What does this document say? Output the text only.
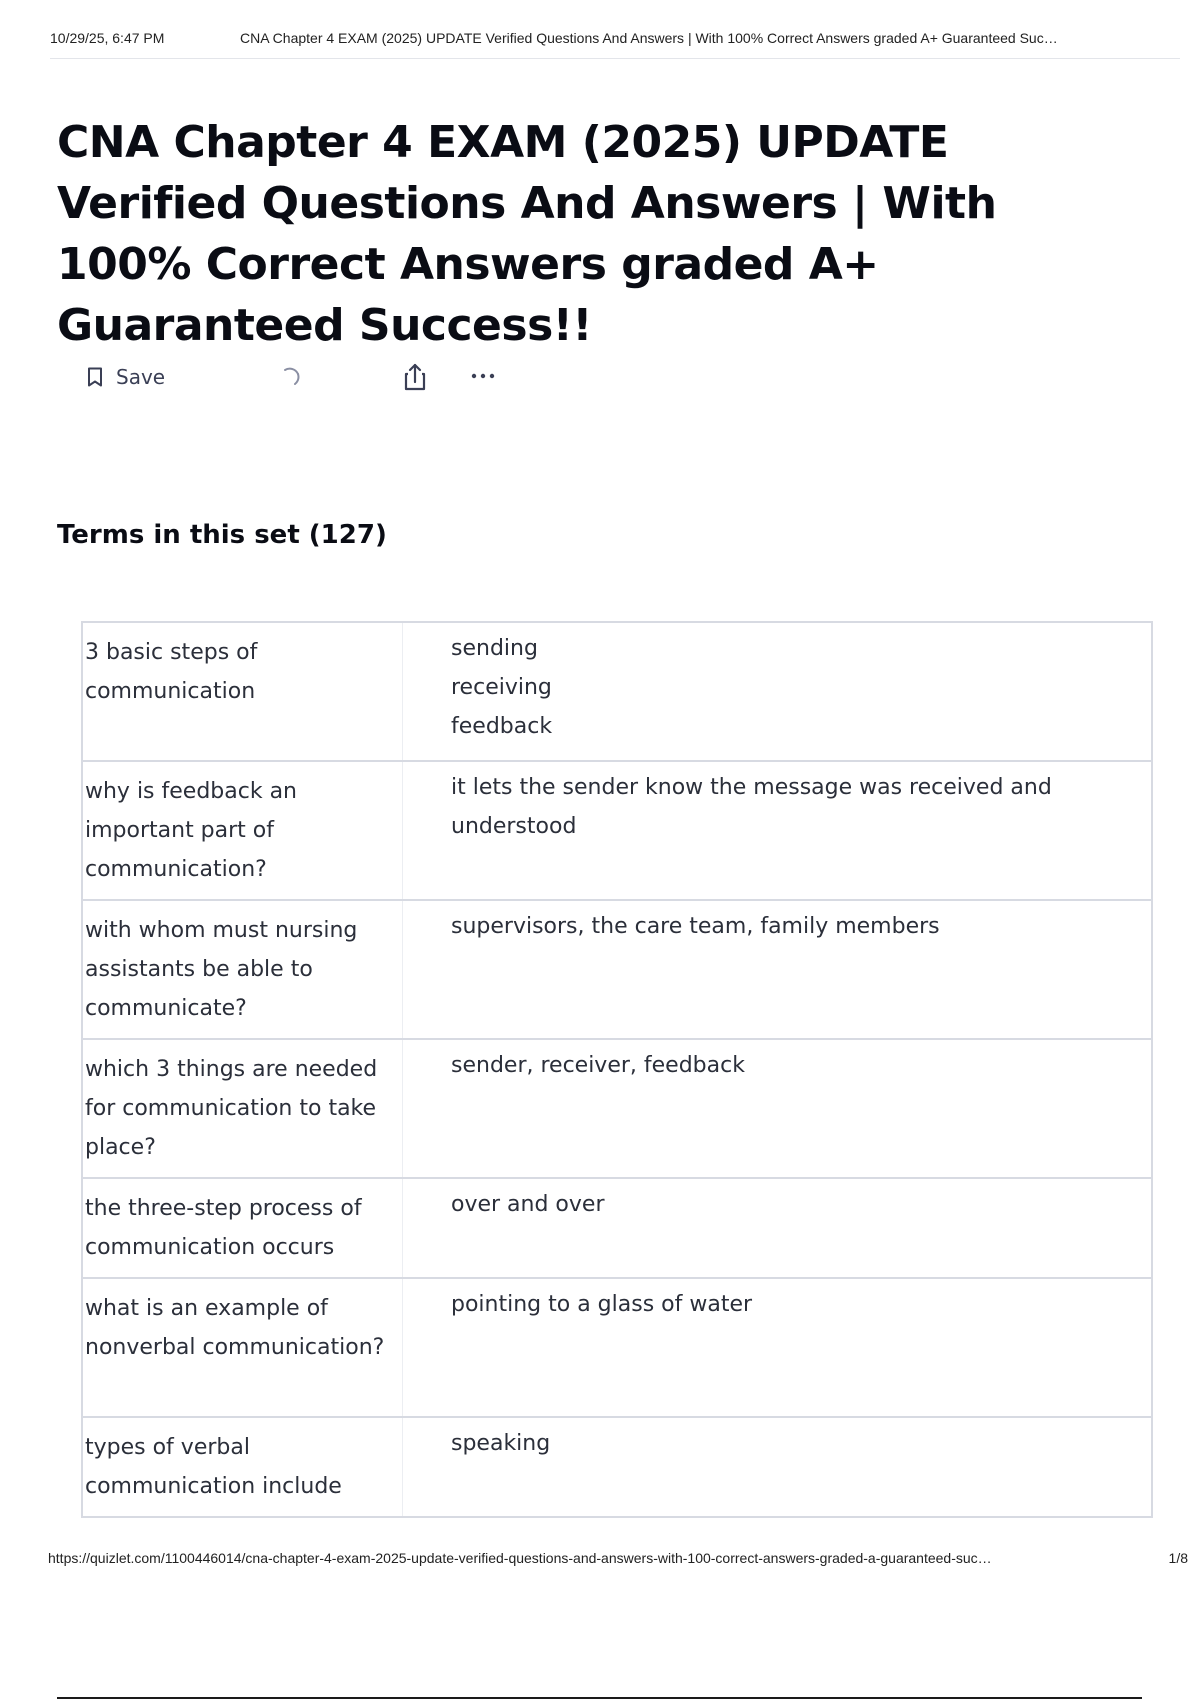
10/29/25, 6:47 PM	CNA Chapter 4 EXAM (2025) UPDATE Verified Questions And Answers | With 100% Correct Answers graded A+ Guaranteed Suc…
CNA Chapter 4 EXAM (2025) UPDATE Verified Questions And Answers | With 100% Correct Answers graded A+ Guaranteed Success!!
Save
Terms in this set (127)
3 basic steps of communication
sending
receiving
feedback
why is feedback an important part of communication?
it lets the sender know the message was received and understood
with whom must nursing assistants be able to communicate?
supervisors, the care team, family members
which 3 things are needed for communication to take place?
sender, receiver, feedback
the three-step process of communication occurs
over and over
what is an example of nonverbal communication?
pointing to a glass of water
types of verbal communication include
speaking
https://quizlet.com/1100446014/cna-chapter-4-exam-2025-update-verified-questions-and-answers-with-100-correct-answers-graded-a-guaranteed-suc…	1/8
